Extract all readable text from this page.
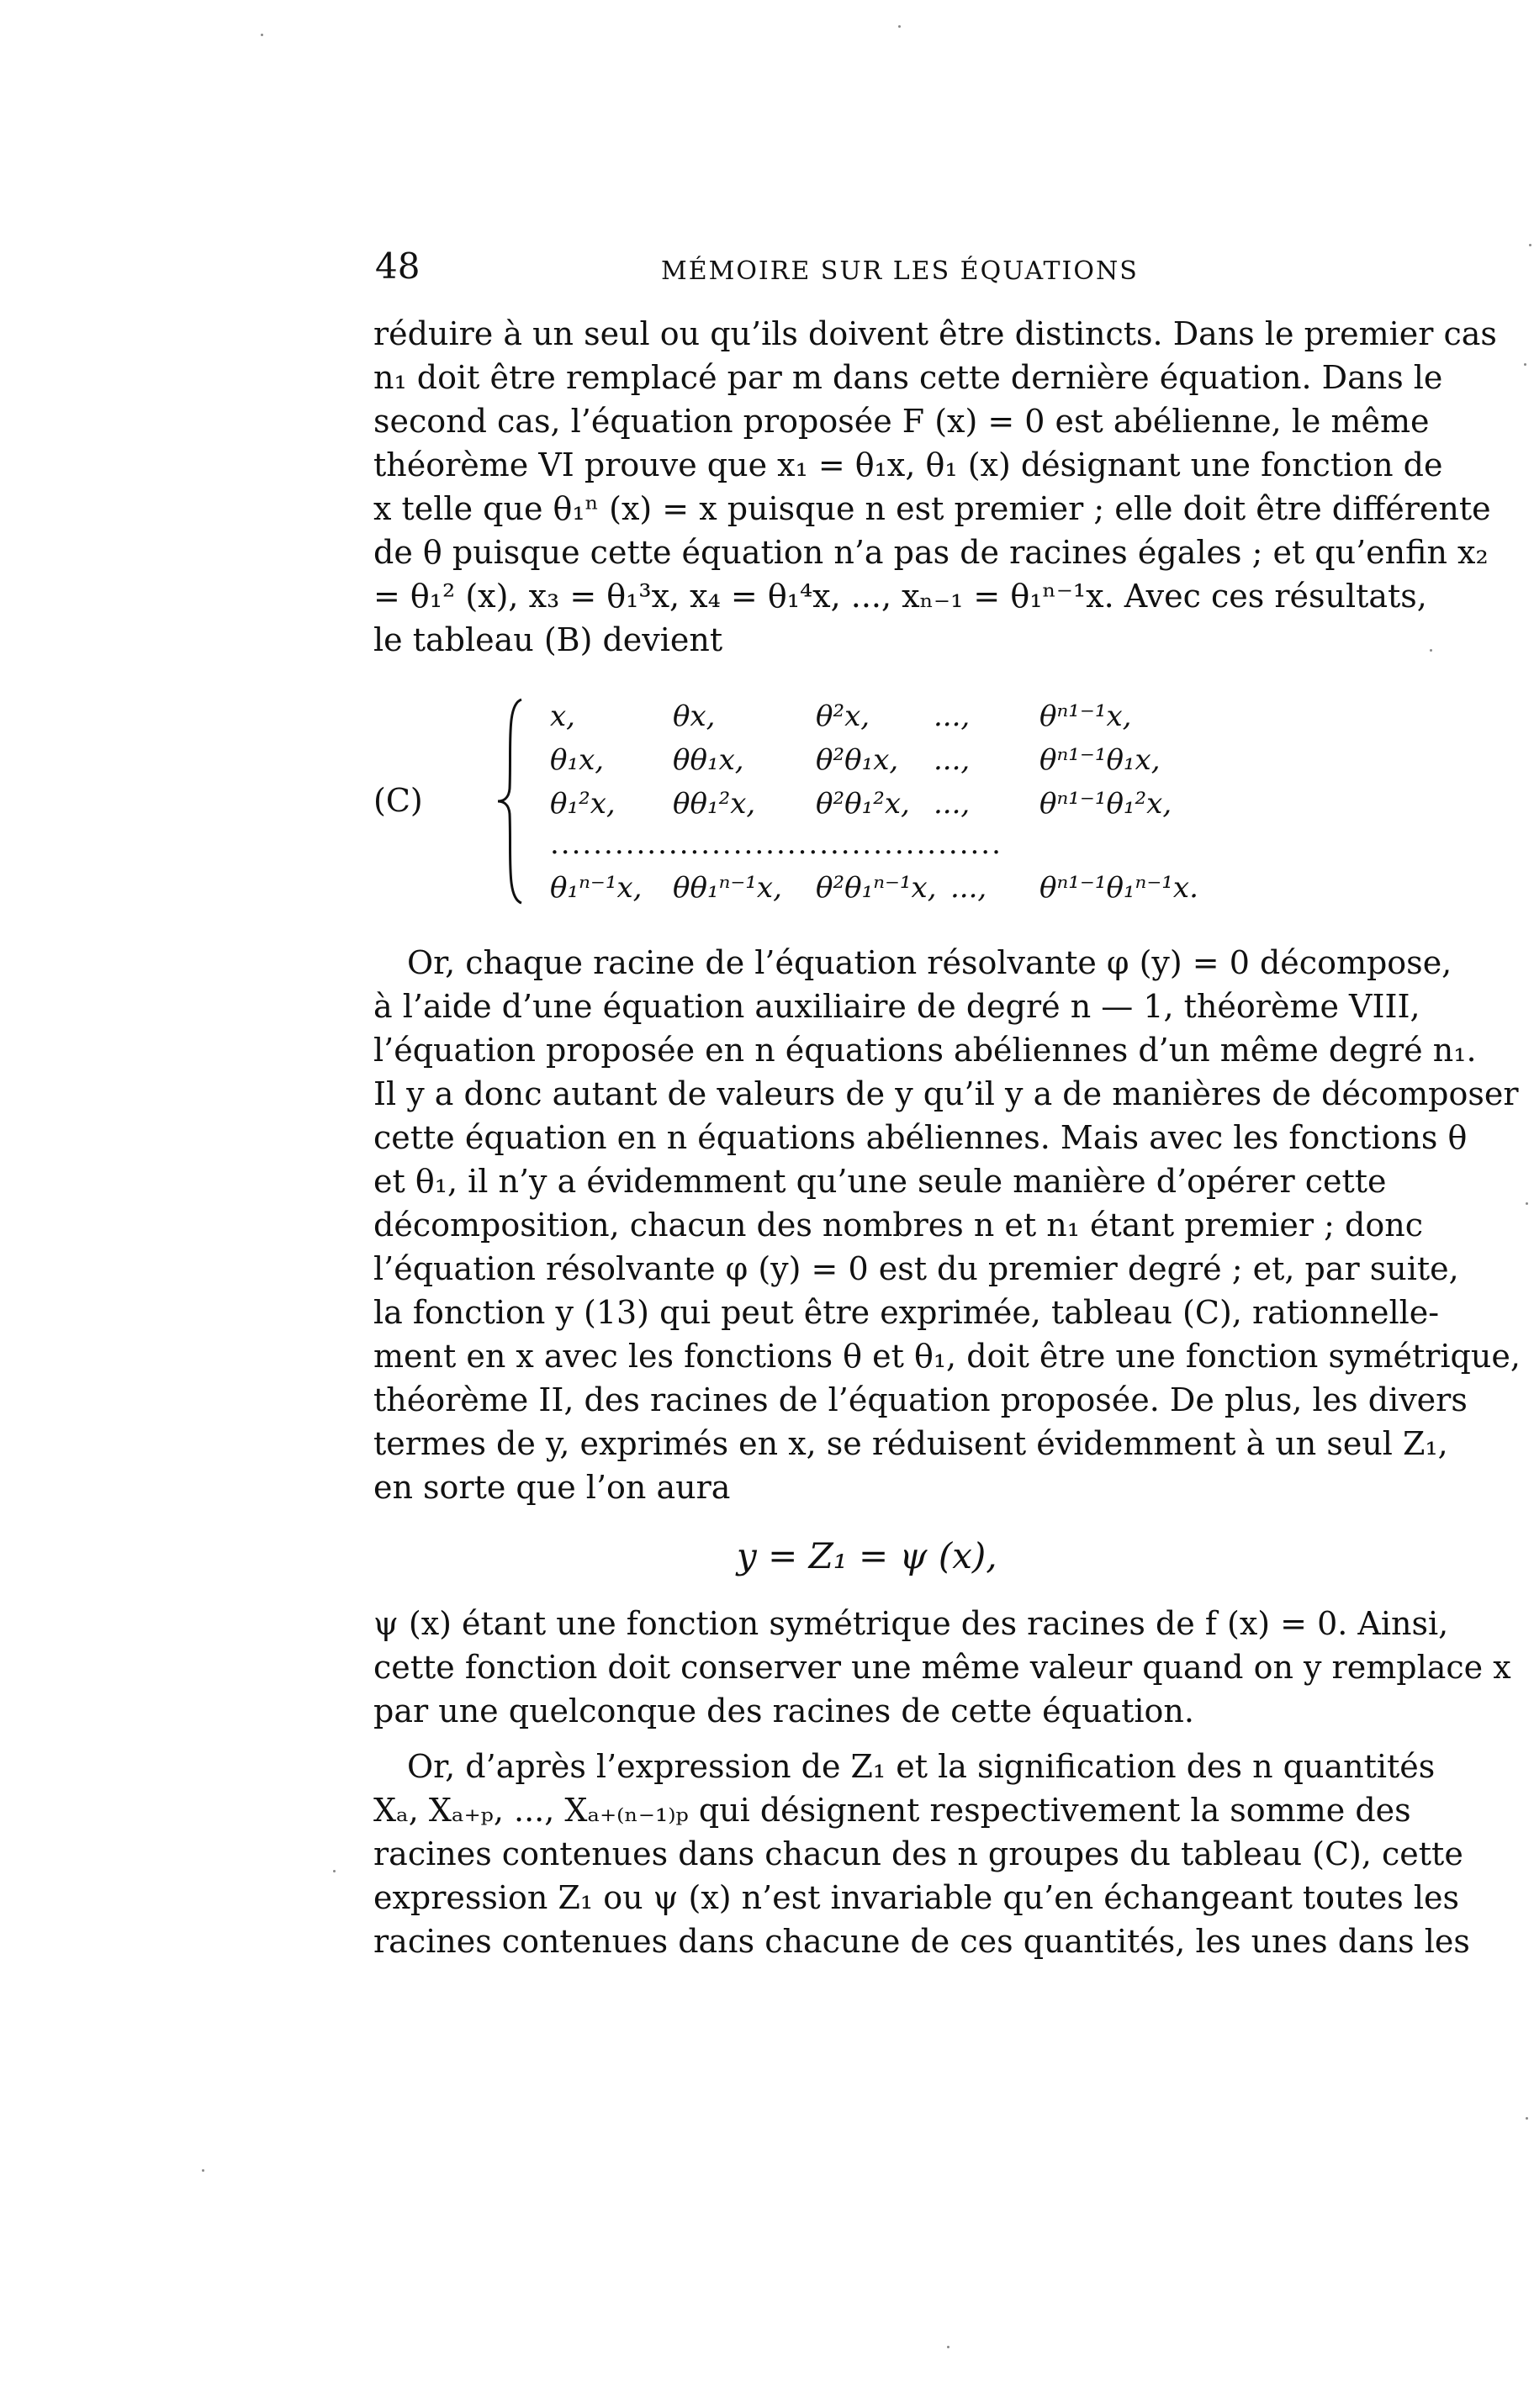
48	MÉMOIRE SUR LES ÉQUATIONS
réduire à un seul ou qu’ils doivent être distincts. Dans le premier cas
n₁ doit être remplacé par m dans cette dernière équation. Dans le
second cas, l’équation proposée F (x) = 0 est abélienne, le même
théorème VI prouve que x₁ = θ₁x, θ₁ (x) désignant une fonction de
x telle que θ₁ⁿ (x) = x puisque n est premier ; elle doit être différente
de θ puisque cette équation n’a pas de racines égales ; et qu’enfin x₂
= θ₁² (x), x₃ = θ₁³x, x₄ = θ₁⁴x, ..., xₙ₋₁ = θ₁ⁿ⁻¹x. Avec ces résultats,
le tableau (B) devient
(C)
x,	θx,	θ²x, ..., θⁿ¹⁻¹x,
θ₁x, θθ₁x,	θ²θ₁x, ..., θⁿ¹⁻¹θ₁x,
θ₁²x, θθ₁²x, θ²θ₁²x, ..., θⁿ¹⁻¹θ₁²x,
..........................................
θ₁ⁿ⁻¹x, θθ₁ⁿ⁻¹x, θ²θ₁ⁿ⁻¹x, ..., θⁿ¹⁻¹θ₁ⁿ⁻¹x.
Or, chaque racine de l’équation résolvante φ (y) = 0 décompose,
à l’aide d’une équation auxiliaire de degré n — 1, théorème VIII,
l’équation proposée en n équations abéliennes d’un même degré n₁.
Il y a donc autant de valeurs de y qu’il y a de manières de décomposer
cette équation en n équations abéliennes. Mais avec les fonctions θ
et θ₁, il n’y a évidemment qu’une seule manière d’opérer cette
décomposition, chacun des nombres n et n₁ étant premier ; donc
l’équation résolvante φ (y) = 0 est du premier degré ; et, par suite,
la fonction y (13) qui peut être exprimée, tableau (C), rationnelle-
ment en x avec les fonctions θ et θ₁, doit être une fonction symétrique,
théorème II, des racines de l’équation proposée. De plus, les divers
termes de y, exprimés en x, se réduisent évidemment à un seul Z₁,
en sorte que l’on aura
y = Z₁ = ψ (x),
ψ (x) étant une fonction symétrique des racines de f (x) = 0. Ainsi,
cette fonction doit conserver une même valeur quand on y remplace x
par une quelconque des racines de cette équation.
Or, d’après l’expression de Z₁ et la signification des n quantités
Xₐ, Xₐ₊ₚ, ..., Xₐ₊₍ₙ₋₁₎ₚ qui désignent respectivement la somme des
racines contenues dans chacun des n groupes du tableau (C), cette
expression Z₁ ou ψ (x) n’est invariable qu’en échangeant toutes les
racines contenues dans chacune de ces quantités, les unes dans les
